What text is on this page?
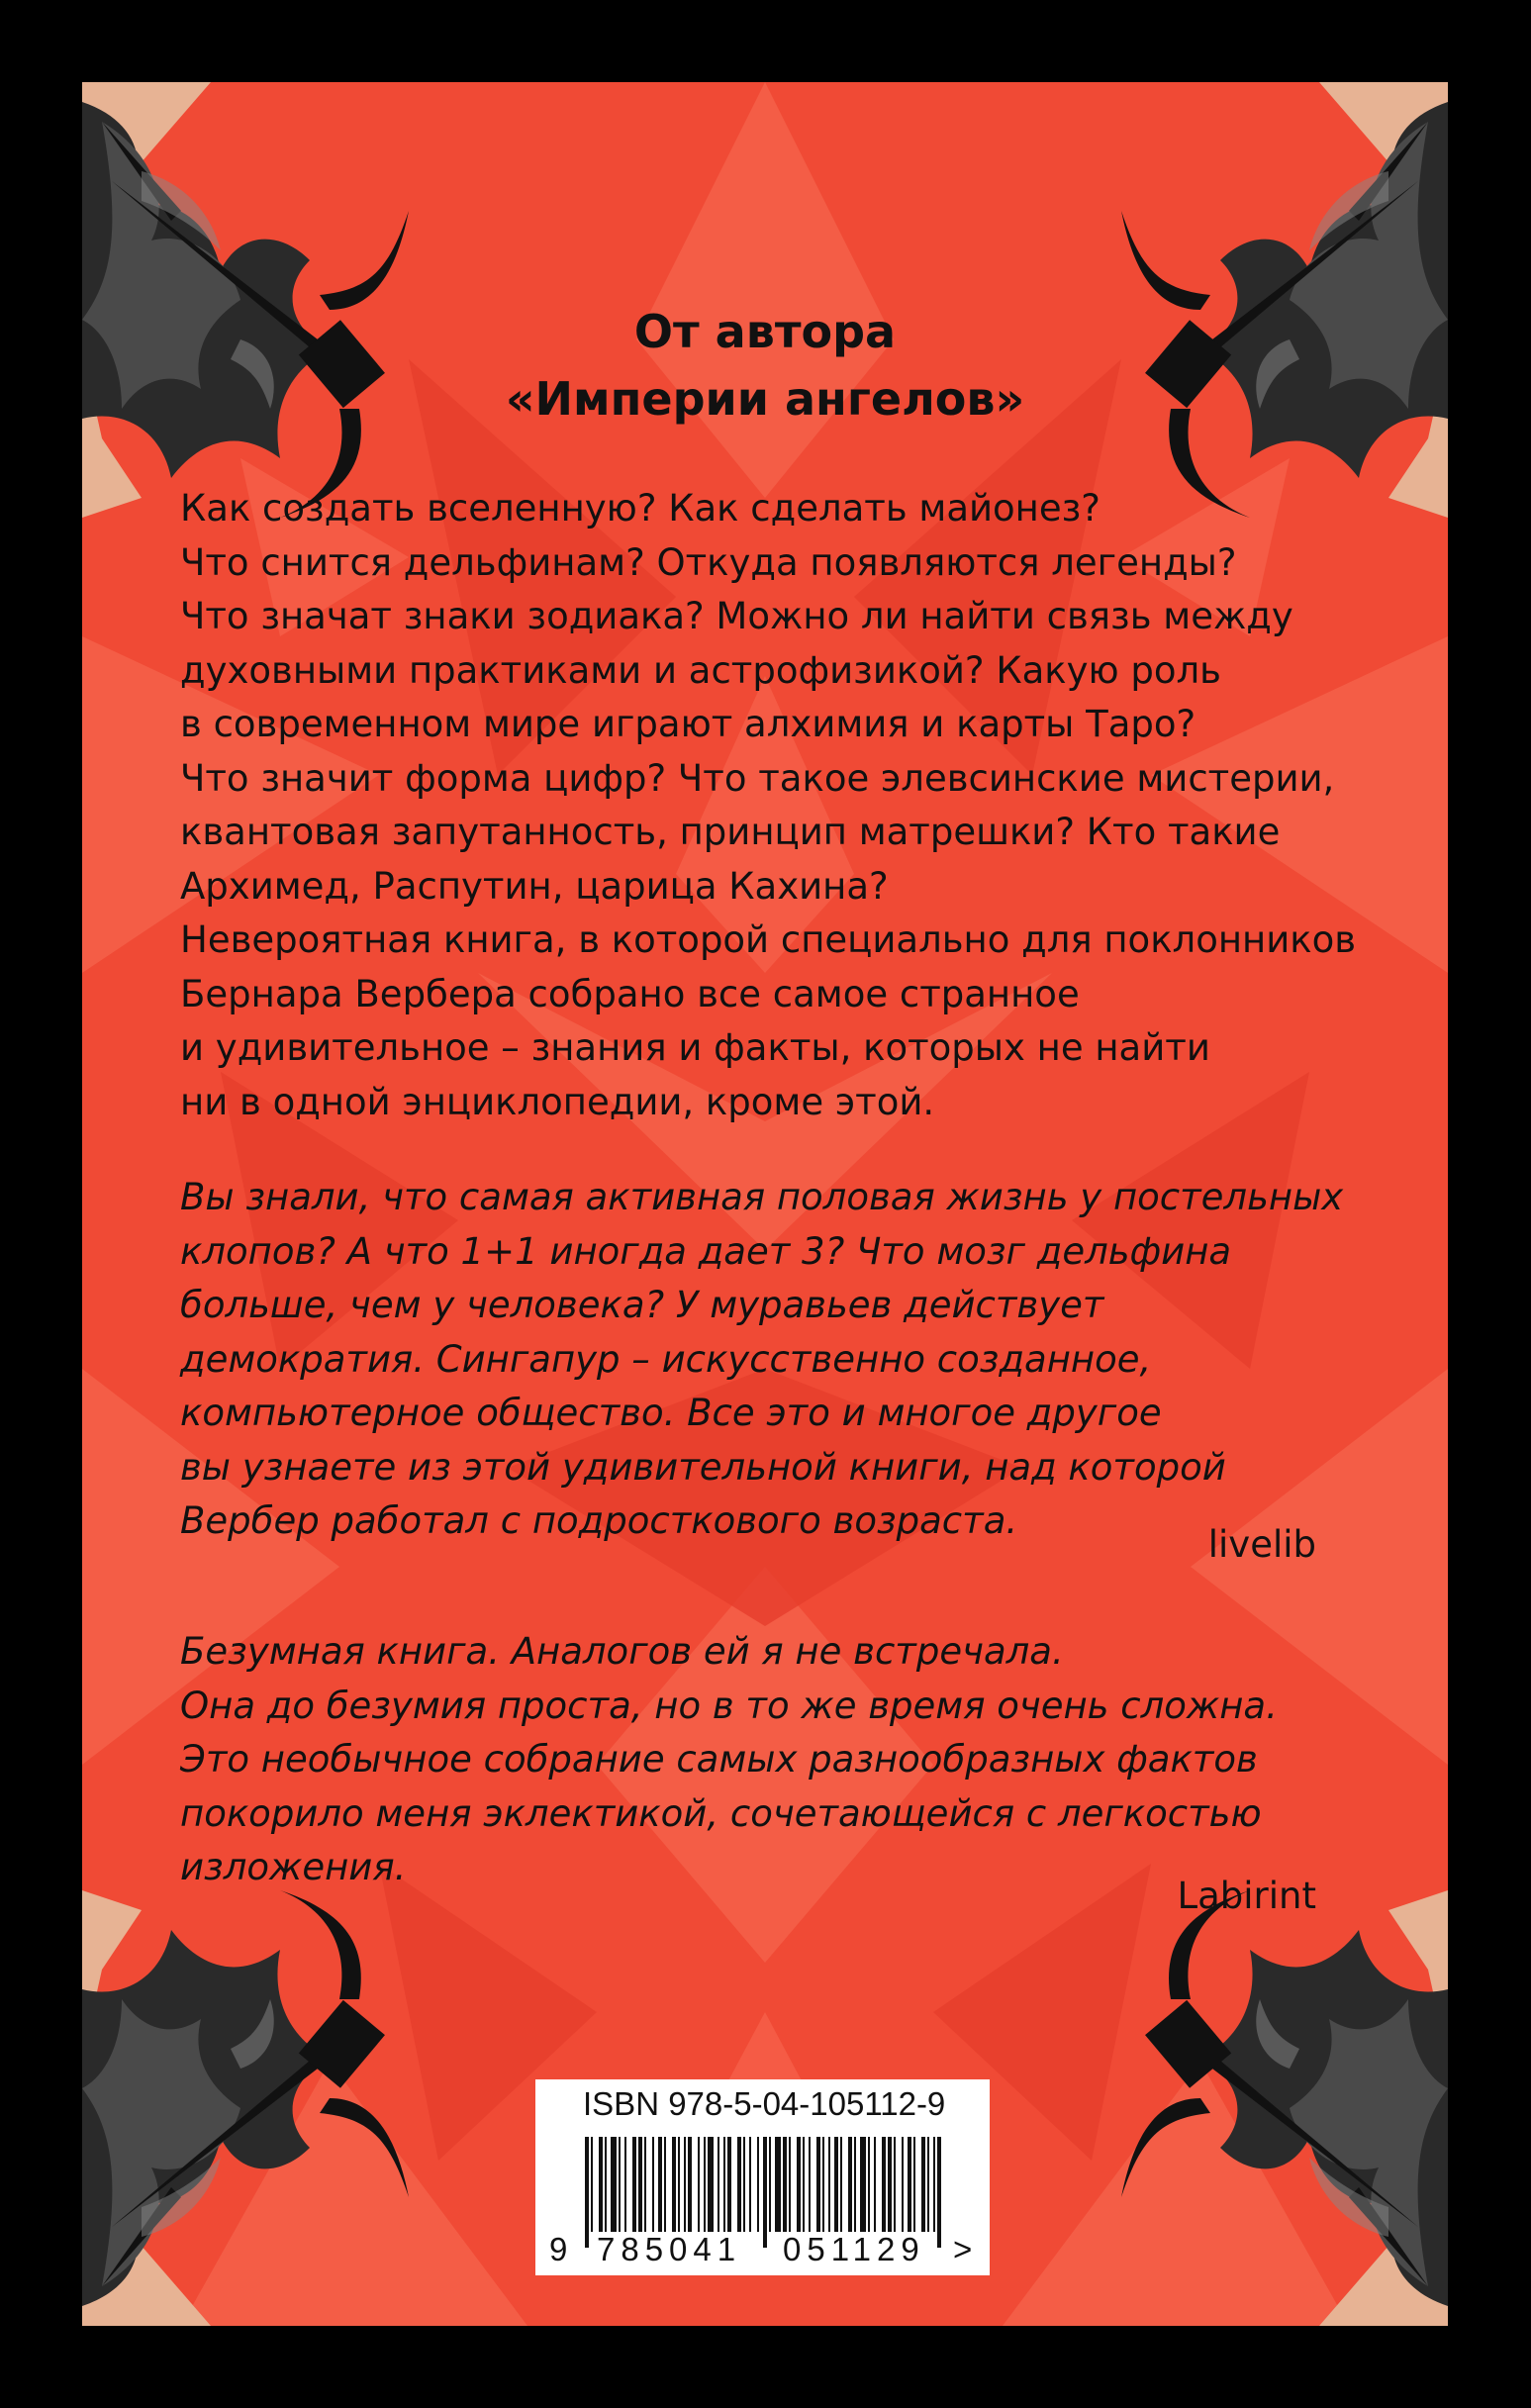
От автора
«Империи ангелов»

Как создать вселенную? Как сделать майонез?
Что снится дельфинам? Откуда появляются легенды?
Что значат знаки зодиака? Можно ли найти связь между
духовными практиками и астрофизикой? Какую роль
в современном мире играют алхимия и карты Таро?
Что значит форма цифр? Что такое элевсинские мистерии,
квантовая запутанность, принцип матрешки? Кто такие
Архимед, Распутин, царица Кахина?
Невероятная книга, в которой специально для поклонников
Бернара Вербера собрано все самое странное
и удивительное – знания и факты, которых не найти
ни в одной энциклопедии, кроме этой.

Вы знали, что самая активная половая жизнь у постельных
клопов? А что 1+1 иногда дает 3? Что мозг дельфина
больше, чем у человека? У муравьев действует
демократия. Сингапур – искусственно созданное,
компьютерное общество. Все это и многое другое
вы узнаете из этой удивительной книги, над которой
Вербер работал с подросткового возраста.

livelib

Безумная книга. Аналогов ей я не встречала.
Она до безумия проста, но в то же время очень сложна.
Это необычное собрание самых разнообразных фактов
покорило меня эклектикой, сочетающейся с легкостью
изложения.

Labirint
ISBN 978-5-04-105112-9
9 785041 051129 >
